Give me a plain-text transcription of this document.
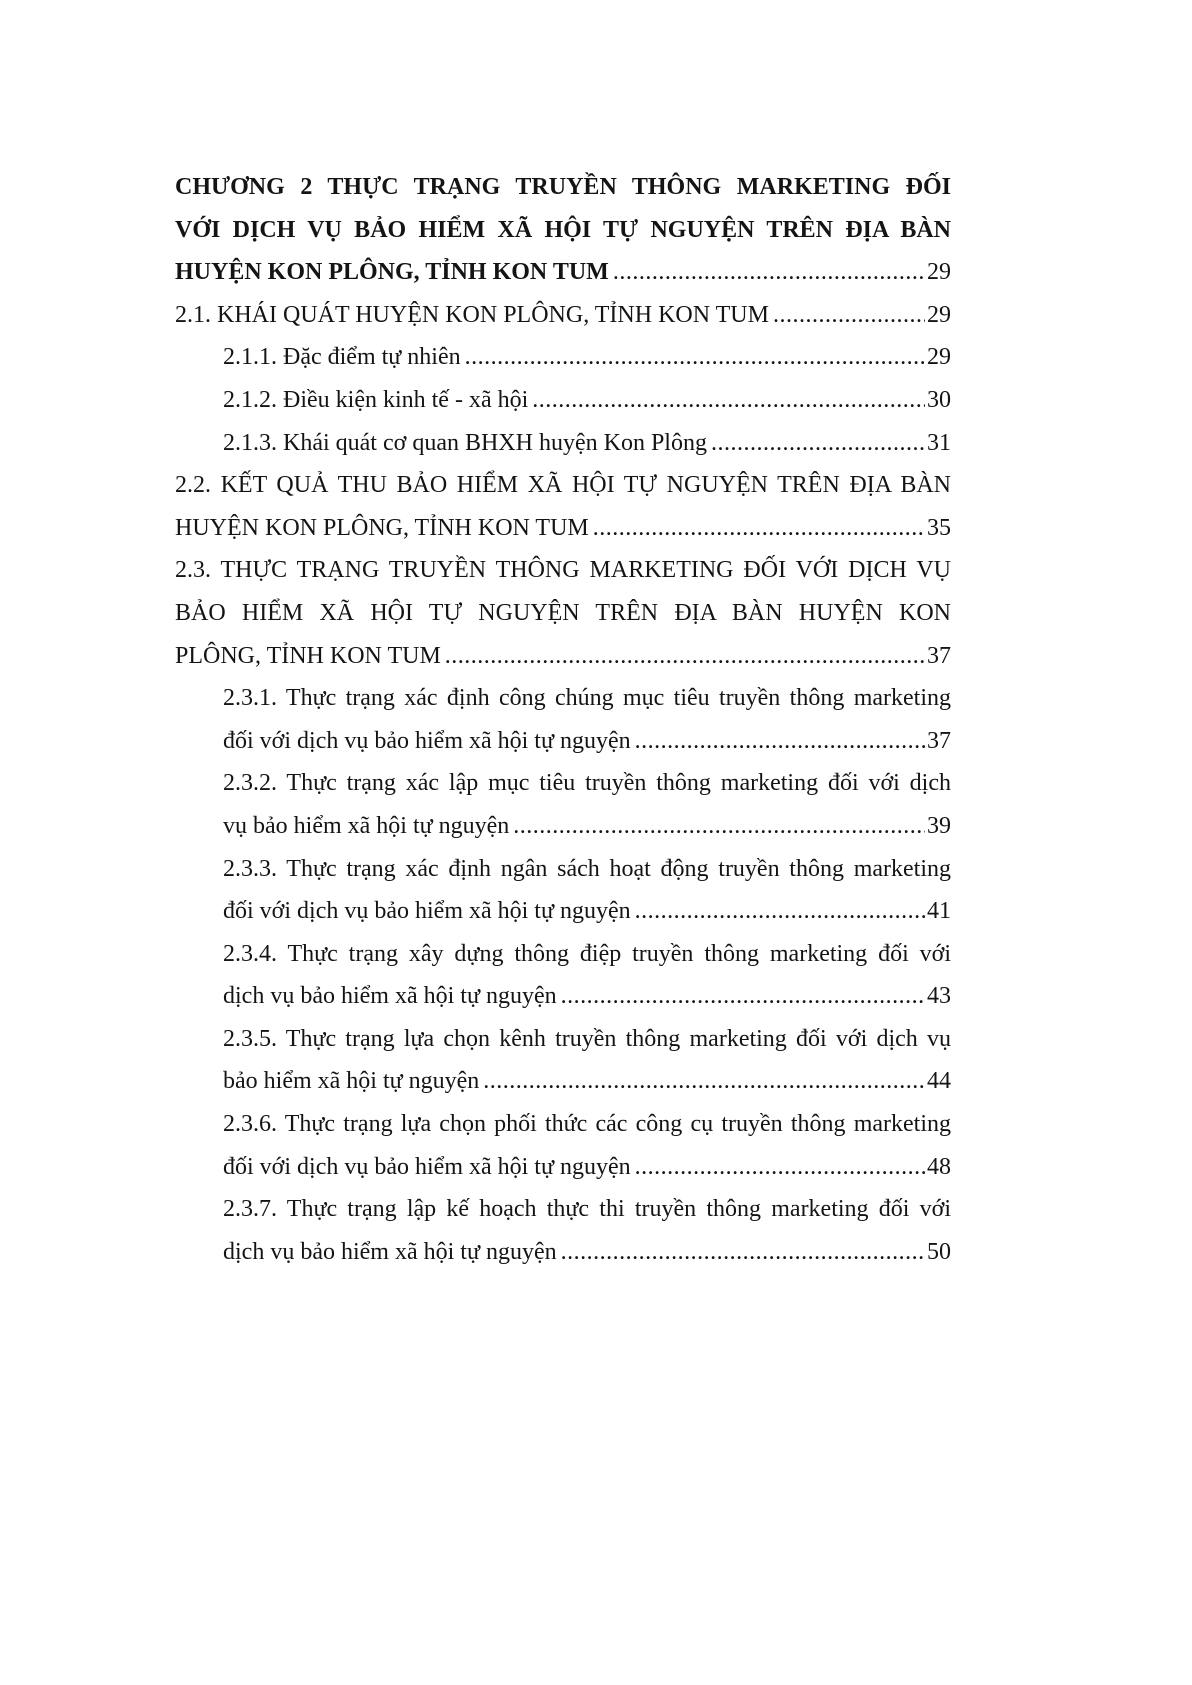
CHƯƠNG 2 THỰC TRẠNG TRUYỀN THÔNG MARKETING ĐỐI
VỚI DỊCH VỤ BẢO HIỂM XÃ HỘI TỰ NGUYỆN TRÊN ĐỊA BÀN
HUYỆN KON PLÔNG, TỈNH KON TUM .....	29
2.1. KHÁI QUÁT HUYỆN KON PLÔNG, TỈNH KON TUM .....	29
2.1.1. Đặc điểm tự nhiên .....	29
2.1.2. Điều kiện kinh tế - xã hội .....	30
2.1.3. Khái quát cơ quan BHXH huyện Kon Plông .....	31
2.2. KẾT QUẢ THU BẢO HIỂM XÃ HỘI TỰ NGUYỆN TRÊN ĐỊA BÀN
HUYỆN KON PLÔNG, TỈNH KON TUM .....	35
2.3. THỰC TRẠNG TRUYỀN THÔNG MARKETING ĐỐI VỚI DỊCH VỤ
BẢO HIỂM XÃ HỘI TỰ NGUYỆN TRÊN ĐỊA BÀN HUYỆN KON
PLÔNG, TỈNH KON TUM .....	37
2.3.1. Thực trạng xác định công chúng mục tiêu truyền thông marketing
đối với dịch vụ bảo hiểm xã hội tự nguyện .....	37
2.3.2. Thực trạng xác lập mục tiêu truyền thông marketing đối với dịch
vụ bảo hiểm xã hội tự nguyện .....	39
2.3.3. Thực trạng xác định ngân sách hoạt động truyền thông marketing
đối với dịch vụ bảo hiểm xã hội tự nguyện .....	41
2.3.4. Thực trạng xây dựng thông điệp truyền thông marketing đối với
dịch vụ bảo hiểm xã hội tự nguyện .....	43
2.3.5. Thực trạng lựa chọn kênh truyền thông marketing đối với dịch vụ
bảo hiểm xã hội tự nguyện .....	44
2.3.6. Thực trạng lựa chọn phối thức các công cụ truyền thông marketing
đối với dịch vụ bảo hiểm xã hội tự nguyện .....	48
2.3.7. Thực trạng lập kế hoạch thực thi truyền thông marketing đối với
dịch vụ bảo hiểm xã hội tự nguyện .....	50
